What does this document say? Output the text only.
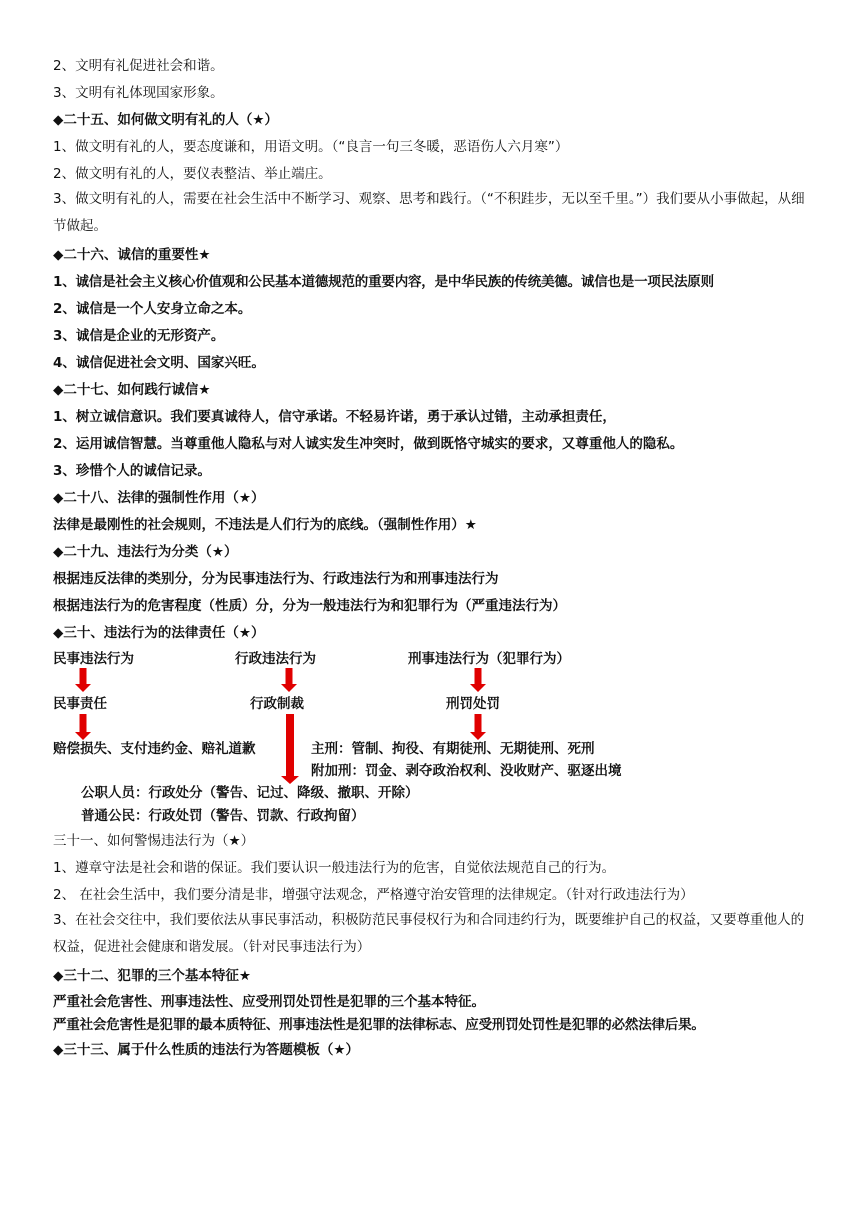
2、文明有礼促进社会和谐。
3、文明有礼体现国家形象。
◆二十五、如何做文明有礼的人（★）
1、做文明有礼的人，要态度谦和，用语文明。（“良言一句三冬暖，恶语伤人六月寒”）
2、做文明有礼的人，要仪表整洁、举止端庄。
3、做文明有礼的人，需要在社会生活中不断学习、观察、思考和践行。（“不积跬步，无以至千里。”）我们要从小事做起，从细节做起。
◆二十六、诚信的重要性★
1、诚信是社会主义核心价值观和公民基本道德规范的重要内容，是中华民族的传统美德。诚信也是一项民法原则
2、诚信是一个人安身立命之本。
3、诚信是企业的无形资产。
4、诚信促进社会文明、国家兴旺。
◆二十七、如何践行诚信★
1、树立诚信意识。我们要真诚待人，信守承诺。不轻易许诺，勇于承认过错，主动承担责任，
2、运用诚信智慧。当尊重他人隐私与对人诚实发生冲突时，做到既恪守城实的要求，又尊重他人的隐私。
3、珍惜个人的诚信记录。
◆二十八、法律的强制性作用（★）
法律是最刚性的社会规则，不违法是人们行为的底线。（强制性作用）★
◆二十九、违法行为分类（★）
根据违反法律的类别分，分为民事违法行为、行政违法行为和刑事违法行为
根据违法行为的危害程度（性质）分，分为一般违法行为和犯罪行为（严重违法行为）
◆三十、违法行为的法律责任（★）
民事违法行为	行政违法行为	刑事违法行为（犯罪行为）
民事责任	行政制裁	刑罚处罚
赔偿损失、支付违约金、赔礼道歉	主刑：管制、拘役、有期徒刑、无期徒刑、死刑
附加刑：罚金、剥夺政治权利、没收财产、驱逐出境
公职人员：行政处分（警告、记过、降级、撤职、开除）
普通公民：行政处罚（警告、罚款、行政拘留）
三十一、如何警惕违法行为（★）
1、遵章守法是社会和谐的保证。我们要认识一般违法行为的危害，自觉依法规范自己的行为。
2、 在社会生活中，我们要分清是非，增强守法观念，严格遵守治安管理的法律规定。（针对行政违法行为）
3、在社会交往中，我们要依法从事民事活动，积极防范民事侵权行为和合同违约行为，既要维护自己的权益，又要尊重他人的权益，促进社会健康和谐发展。（针对民事违法行为）
◆三十二、犯罪的三个基本特征★
严重社会危害性、刑事违法性、应受刑罚处罚性是犯罪的三个基本特征。
严重社会危害性是犯罪的最本质特征、刑事违法性是犯罪的法律标志、应受刑罚处罚性是犯罪的必然法律后果。
◆三十三、属于什么性质的违法行为答题模板（★）
